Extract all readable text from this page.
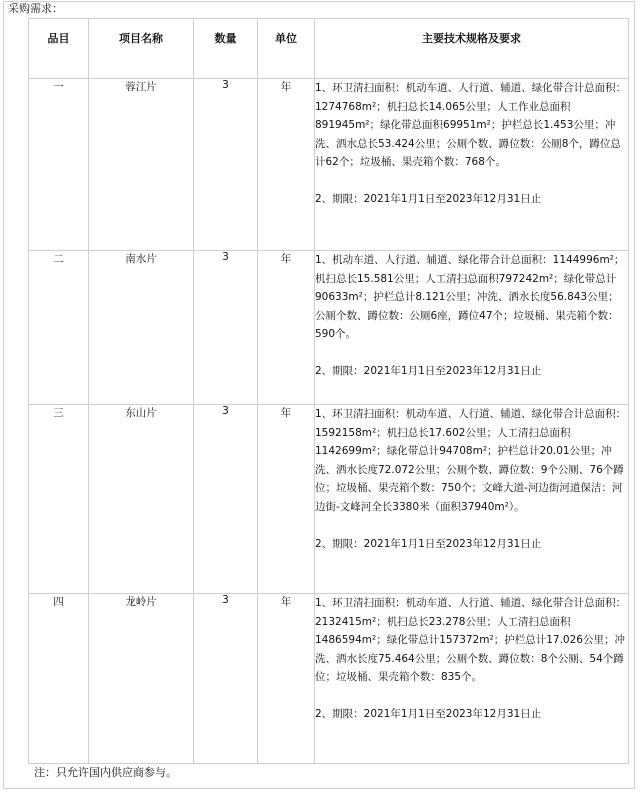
采购需求：
品目	项目名称	数量	单位	主要技术规格及要求
一	蓉江片	3	年	1、环卫清扫面积：机动车道、人行道、辅道、绿化带合计总面积：1274768m²；机扫总长14.065公里；人工作业总面积891945m²；绿化带总面积69951m²；护栏总长1.453公里；冲洗、洒水总长53.424公里；公厕个数、蹲位数：公厕8个，蹲位总计62个；垃圾桶、果壳箱个数：768个。

2、期限：2021年1月1日至2023年12月31日止

二	南水片	3	年	1、机动车道、人行道、辅道、绿化带合计总面积：1144996m²；机扫总长15.581公里；人工清扫总面积797242m²；绿化带总计90633m²；护栏总计8.121公里；冲洗、洒水长度56.843公里；公厕个数、蹲位数：公厕6座，蹲位47个；垃圾桶、果壳箱个数：590个。

2、期限：2021年1月1日至2023年12月31日止

三	东山片	3	年	1、环卫清扫面积：机动车道、人行道、辅道、绿化带合计总面积：1592158m²；机扫总长17.602公里；人工清扫总面积1142699m²；绿化带总计94708m²；护栏总计20.01公里；冲洗、洒水长度72.072公里；公厕个数、蹲位数：9个公厕、76个蹲位；垃圾桶、果壳箱个数：750个；文峰大道-河边街河道保洁：河边街-文峰河全长3380米（面积37940m²）。

2、期限：2021年1月1日至2023年12月31日止

四	龙岭片	3	年	1、环卫清扫面积：机动车道、人行道、辅道、绿化带合计总面积：2132415m²；机扫总长23.278公里；人工清扫总面积1486594m²；绿化带总计157372m²；护栏总计17.026公里；冲洗、洒水长度75.464公里；公厕个数、蹲位数：8个公厕、54个蹲位；垃圾桶、果壳箱个数：835个。

2、期限：2021年1月1日至2023年12月31日止

注：只允许国内供应商参与。
